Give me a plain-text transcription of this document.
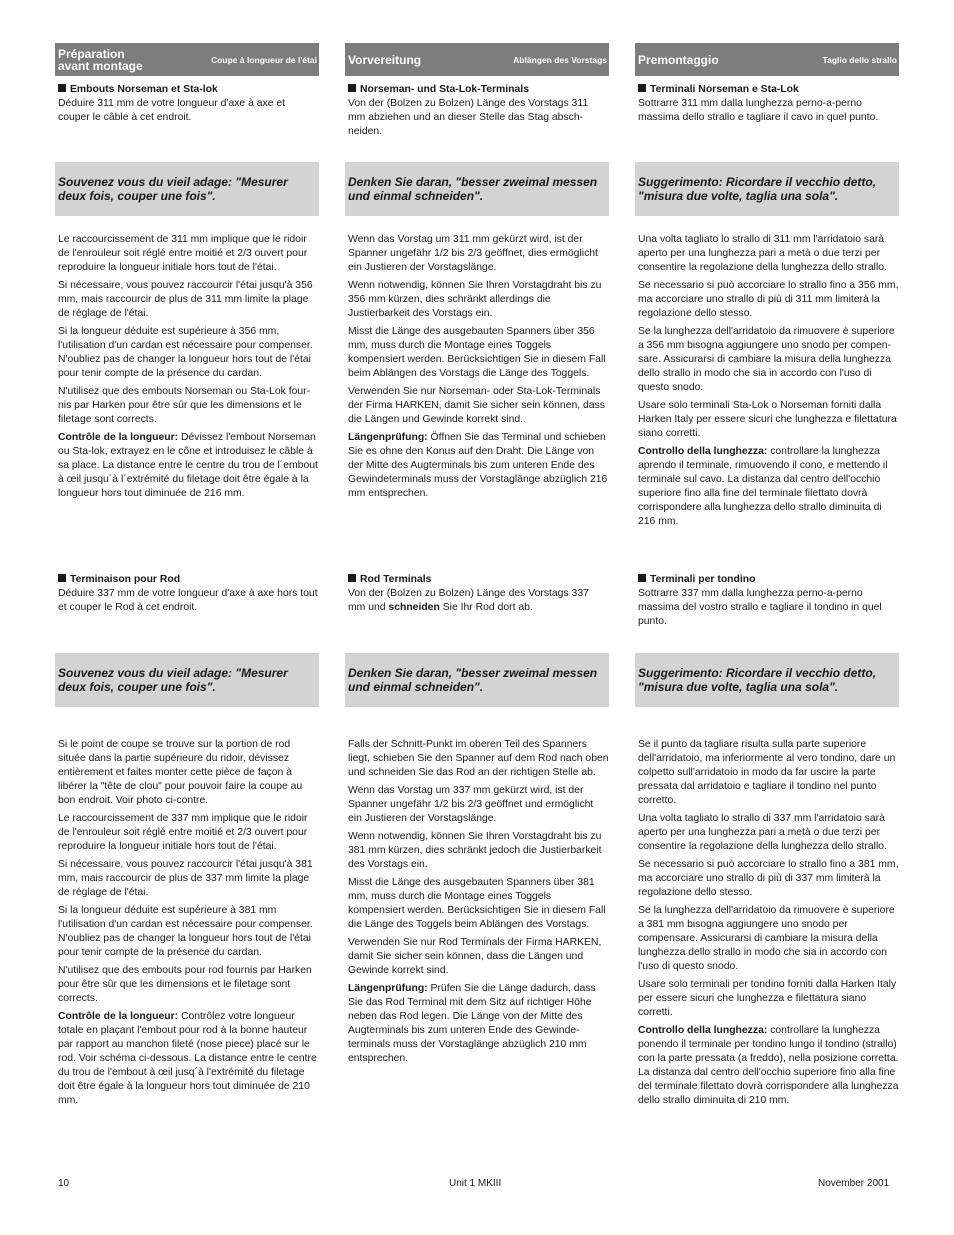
Préparation
avant montage	Coupe à longueur de l'étai
Embouts Norseman et Sta-lok

Déduire 311 mm de votre longueur d'axe à axe et couper le câble à cet endroit.

Souvenez vous du vieil adage: "Mesurer deux fois, couper une fois".

Le raccourcissement de 311 mm implique que le ridoir de l'enrouleur soit réglé entre moitié et 2/3 ouvert pour reproduire la longueur initiale hors tout de l'étai.

Si nécessaire, vous pouvez raccourcir l'étai jusqu'à 356 mm, mais raccourcir de plus de 311 mm limite la plage de réglage de l'étai.

Si la longueur déduite est supérieure à 356 mm, l'utilisation d'un cardan est nécessaire pour compenser. N'oubliez pas de changer la longueur hors tout de l'étai pour tenir compte de la présence du cardan.

N'utilisez que des embouts Norseman ou Sta-Lok four-nis par Harken pour être sûr que les dimensions et le filetage sont corrects.

Contrôle de la longueur: Dévissez l'embout Norseman ou Sta-lok, extrayez en le cône et introduisez le câble à sa place. La distance entre le centre du trou de l´embout à œil jusqu´à l´extrémité du filetage doit être égale à la longueur hors tout diminuée de 216 mm.

Terminaison pour Rod

Déduire 337 mm de votre longueur d'axe à axe hors tout et couper le Rod à cet endroit.

Souvenez vous du vieil adage: "Mesurer deux fois, couper une fois".

Si le point de coupe se trouve sur la portion de rod située dans la partie supérieure du ridoir, dévissez entièrement et faites monter cette pièce de façon à libérer la "tête de clou" pour pouvoir faire la coupe au bon endroit. Voir photo ci-contre.

Le raccourcissement de 337 mm implique que le ridoir de l'enrouleur soit réglé entre moitié et 2/3 ouvert pour reproduire la longueur initiale hors tout de l'étai.

Si nécessaire, vous pouvez raccourcir l'étai jusqu'à 381 mm, mais raccourcir de plus de 337 mm limite la plage de réglage de l'étai.

Si la longueur déduite est supérieure à 381 mm l'utilisation d'un cardan est nécessaire pour compenser. N'oubliez pas de changer la longueur hors tout de l'étai pour tenir compte de la présence du cardan.

N'utilisez que des embouts pour rod fournis par Harken pour être sûr que les dimensions et le filetage sont corrects.

Contrôle de la longueur: Contrôlez votre longueur totale en plaçant l'embout pour rod à la bonne hauteur par rapport au manchon fileté (nose piece) placé sur le rod. Voir schéma ci-dessous. La distance entre le centre du trou de l'embout à œil jusq´à l'extrémité du filetage doit être égale à la longueur hors tout diminuée de 210 mm.

Vorvereitung	Ablängen des Vorstags
Norseman- und Sta-Lok-Terminals

Von der (Bolzen zu Bolzen) Länge des Vorstags 311 mm abziehen und an dieser Stelle das Stag absch-neiden.

Denken Sie daran, "besser zweimal messen und einmal schneiden".

Wenn das Vorstag um 311 mm gekürzt wird, ist der Spanner ungefähr 1/2 bis 2/3 geöffnet, dies ermöglicht ein Justieren der Vorstagslänge.

Wenn notwendig, können Sie Ihren Vorstagdraht bis zu 356 mm kürzen, dies schränkt allerdings die Justierbarkeit des Vorstags ein.

Misst die Länge des ausgebauten Spanners über 356 mm, muss durch die Montage eines Toggels kompensiert werden. Berücksichtigen Sie in diesem Fall beim Ablängen des Vorstags die Länge des Toggels.

Verwenden Sie nur Norseman- oder Sta-Lok-Terminals der Firma HARKEN, damit Sie sicher sein können, dass die Längen und Gewinde korrekt sind.

Längenprüfung: Öffnen Sie das Terminal und schieben Sie es ohne den Konus auf den Draht. Die Länge von der Mitte des Augterminals bis zum unteren Ende des Gewindeterminals muss der Vorstaglänge abzüglich 216 mm entsprechen.

Rod Terminals

Von der (Bolzen zu Bolzen) Länge des Vorstags 337 mm und schneiden Sie Ihr Rod dort ab.

Denken Sie daran, "besser zweimal messen und einmal schneiden".

Falls der Schnitt-Punkt im oberen Teil des Spanners liegt, schieben Sie den Spanner auf dem Rod nach oben und schneiden Sie das Rod an der richtigen Stelle ab.

Wenn das Vorstag um 337 mm gekürzt wird, ist der Spanner ungefähr 1/2 bis 2/3 geöffnet und ermöglicht ein Justieren der Vorstagslänge.

Wenn notwendig, können Sie Ihren Vorstagdraht bis zu 381 mm kürzen, dies schränkt jedoch die Justierbarkeit des Vorstags ein.

Misst die Länge des ausgebauten Spanners über 381 mm, muss durch die Montage eines Toggels kompensiert werden. Berücksichtigen Sie in diesem Fall die Länge des Toggels beim Ablängen des Vorstags.

Verwenden Sie nur Rod Terminals der Firma HARKEN, damit Sie sicher sein können, dass die Längen und Gewinde korrekt sind.

Längenprüfung: Prüfen Sie die Länge dadurch, dass Sie das Rod Terminal mit dem Sitz auf richtiger Höhe neben das Rod legen. Die Länge von der Mitte des Augterminals bis zum unteren Ende des Gewinde-terminals muss der Vorstaglänge abzüglich 210 mm entsprechen.

Premontaggio	Taglio dello strallo
Terminali Norseman e Sta-Lok

Sottrarre 311 mm dalla lunghezza perno-a-perno massima dello strallo e tagliare il cavo in quel punto.

Suggerimento: Ricordare il vecchio detto, "misura due volte, taglia una sola".

Una volta tagliato lo strallo di 311 mm l'arridatoio sarà aperto per una lunghezza pari a metà o due terzi per consentire la regolazione della lunghezza dello strallo.

Se necessario si può accorciare lo strallo fino a 356 mm, ma accorciare uno strallo di più di 311 mm limiterà la regolazione dello stesso.

Se la lunghezza dell'arridatoio da rimuovere è superiore a 356 mm bisogna aggiungere uno snodo per compen-sare. Assicurarsi di cambiare la misura della lunghezza dello strallo in modo che sia in accordo con l'uso di questo snodo.

Usare solo terminali Sta-Lok o Norseman forniti dalla Harken Italy per essere sicuri che lunghezza e filettatura siano corretti.

Controllo della lunghezza: controllare la lunghezza aprendo il terminale, rimuovendo il cono, e mettendo il terminale sul cavo. La distanza dal centro dell'occhio superiore fino alla fine del terminale filettato dovrà corrispondere alla lunghezza dello strallo diminuita di 216 mm.

Terminali per tondino

Sottrarre 337 mm dalla lunghezza perno-a-perno massima del vostro strallo e tagliare il tondino in quel punto.

Suggerimento: Ricordare il vecchio detto, "misura due volte, taglia una sola".

Se il punto da tagliare risulta sulla parte superiore dell'arridatoio, ma inferiormente al vero tondino, dare un colpetto sull'arridatoio in modo da far uscire la parte pressata dal arridatoio e tagliare il tondino nel punto corretto.

Una volta tagliato lo strallo di 337 mm l'arridatoio sarà aperto per una lunghezza pari a metà o due terzi per consentire la regolazione della lunghezza dello strallo.

Se necessario si può accorciare lo strallo fino a 381 mm, ma accorciare uno strallo di più di 337 mm limiterà la regolazione dello stesso.

Se la lunghezza dell'arridatoio da rimuovere è superiore a 381 mm bisogna aggiungere uno snodo per compensare. Assicurarsi di cambiare la misura della lunghezza dello strallo in modo che sia in accordo con l'uso di questo snodo.

Usare solo terminali per tondino forniti dalla Harken Italy per essere sicuri che lunghezza e filettatura siano corretti.

Controllo della lunghezza: controllare la lunghezza ponendo il terminale per tondino lungo il tondino (strallo) con la parte pressata (a freddo), nella posizione corretta. La distanza dal centro dell'occhio superiore fino alla fine del terminale filettato dovrà corrispondere alla lunghezza dello strallo diminuita di 210 mm.

10	Unit 1 MKIII	November 2001
